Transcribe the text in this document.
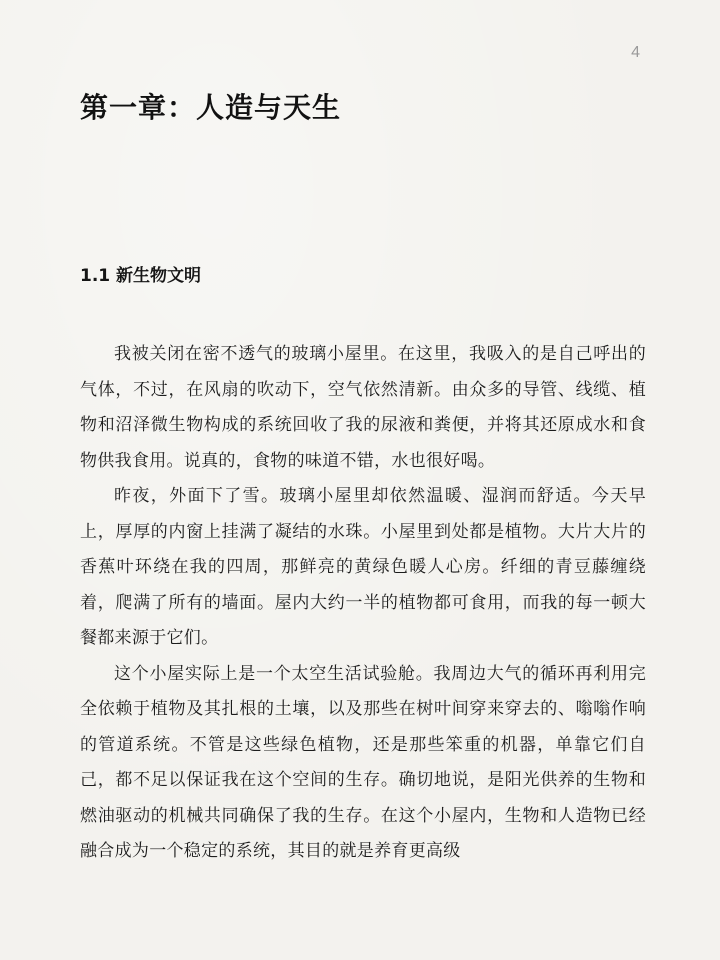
4
第一章：人造与天生
1.1 新生物文明

我被关闭在密不透气的玻璃小屋里。在这里，我吸入的是自己呼出的气体，不过，在风扇的吹动下，空气依然清新。由众多的导管、线缆、植物和沼泽微生物构成的系统回收了我的尿液和粪便，并将其还原成水和食物供我食用。说真的，食物的味道不错，水也很好喝。

昨夜，外面下了雪。玻璃小屋里却依然温暖、湿润而舒适。今天早上，厚厚的内窗上挂满了凝结的水珠。小屋里到处都是植物。大片大片的香蕉叶环绕在我的四周，那鲜亮的黄绿色暖人心房。纤细的青豆藤缠绕着，爬满了所有的墙面。屋内大约一半的植物都可食用，而我的每一顿大餐都来源于它们。

这个小屋实际上是一个太空生活试验舱。我周边大气的循环再利用完全依赖于植物及其扎根的土壤，以及那些在树叶间穿来穿去的、嗡嗡作响的管道系统。不管是这些绿色植物，还是那些笨重的机器，单靠它们自己，都不足以保证我在这个空间的生存。确切地说，是阳光供养的生物和燃油驱动的机械共同确保了我的生存。在这个小屋内，生物和人造物已经融合成为一个稳定的系统，其目的就是养育更高级
